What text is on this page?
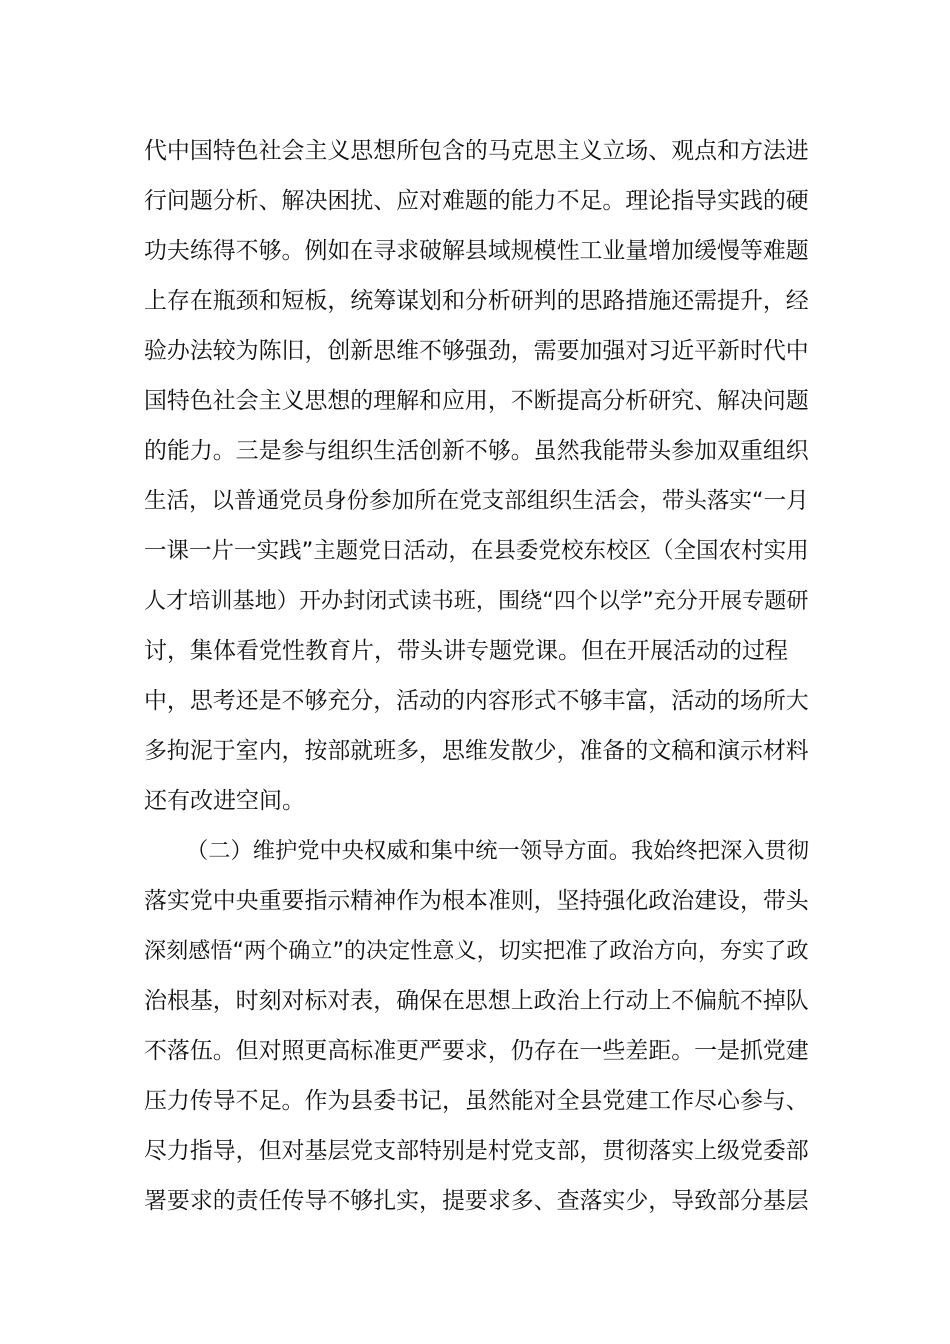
代中国特色社会主义思想所包含的马克思主义立场、观点和方法进
行问题分析、解决困扰、应对难题的能力不足。理论指导实践的硬
功夫练得不够。例如在寻求破解县域规模性工业量增加缓慢等难题
上存在瓶颈和短板，统筹谋划和分析研判的思路措施还需提升，经
验办法较为陈旧，创新思维不够强劲，需要加强对习近平新时代中
国特色社会主义思想的理解和应用，不断提高分析研究、解决问题
的能力。三是参与组织生活创新不够。虽然我能带头参加双重组织
生活，以普通党员身份参加所在党支部组织生活会，带头落实“一月
一课一片一实践”主题党日活动，在县委党校东校区（全国农村实用
人才培训基地）开办封闭式读书班，围绕“四个以学”充分开展专题研
讨，集体看党性教育片，带头讲专题党课。但在开展活动的过程
中，思考还是不够充分，活动的内容形式不够丰富，活动的场所大
多拘泥于室内，按部就班多，思维发散少，准备的文稿和演示材料
还有改进空间。
（二）维护党中央权威和集中统一领导方面。我始终把深入贯彻
落实党中央重要指示精神作为根本准则，坚持强化政治建设，带头
深刻感悟“两个确立”的决定性意义，切实把准了政治方向，夯实了政
治根基，时刻对标对表，确保在思想上政治上行动上不偏航不掉队
不落伍。但对照更高标准更严要求，仍存在一些差距。一是抓党建
压力传导不足。作为县委书记，虽然能对全县党建工作尽心参与、
尽力指导，但对基层党支部特别是村党支部，贯彻落实上级党委部
署要求的责任传导不够扎实，提要求多、查落实少，导致部分基层
